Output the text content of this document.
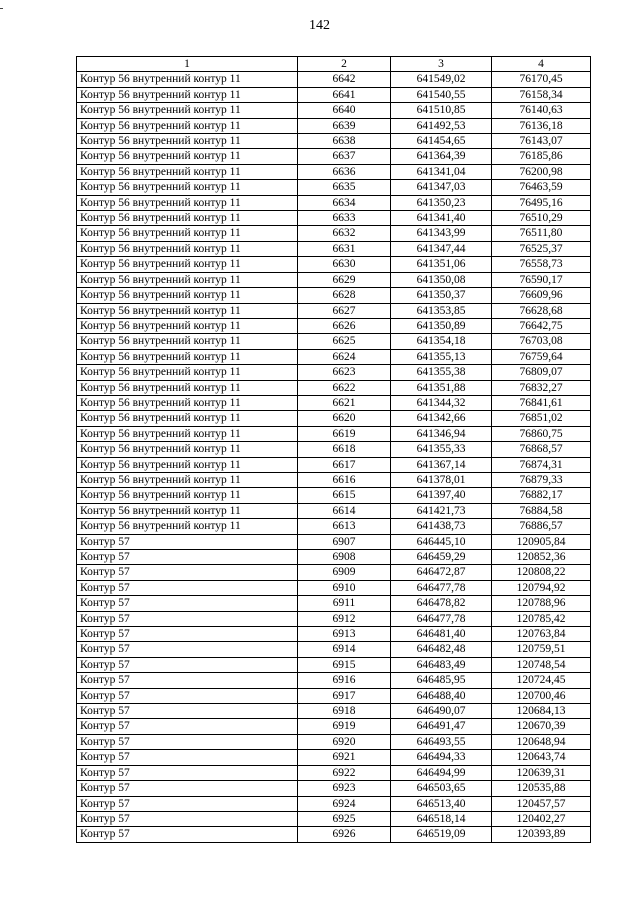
142
1	2	3	4
Контур 56 внутренний контур 11	6642	641549,02	76170,45
Контур 56 внутренний контур 11	6641	641540,55	76158,34
Контур 56 внутренний контур 11	6640	641510,85	76140,63
Контур 56 внутренний контур 11	6639	641492,53	76136,18
Контур 56 внутренний контур 11	6638	641454,65	76143,07
Контур 56 внутренний контур 11	6637	641364,39	76185,86
Контур 56 внутренний контур 11	6636	641341,04	76200,98
Контур 56 внутренний контур 11	6635	641347,03	76463,59
Контур 56 внутренний контур 11	6634	641350,23	76495,16
Контур 56 внутренний контур 11	6633	641341,40	76510,29
Контур 56 внутренний контур 11	6632	641343,99	76511,80
Контур 56 внутренний контур 11	6631	641347,44	76525,37
Контур 56 внутренний контур 11	6630	641351,06	76558,73
Контур 56 внутренний контур 11	6629	641350,08	76590,17
Контур 56 внутренний контур 11	6628	641350,37	76609,96
Контур 56 внутренний контур 11	6627	641353,85	76628,68
Контур 56 внутренний контур 11	6626	641350,89	76642,75
Контур 56 внутренний контур 11	6625	641354,18	76703,08
Контур 56 внутренний контур 11	6624	641355,13	76759,64
Контур 56 внутренний контур 11	6623	641355,38	76809,07
Контур 56 внутренний контур 11	6622	641351,88	76832,27
Контур 56 внутренний контур 11	6621	641344,32	76841,61
Контур 56 внутренний контур 11	6620	641342,66	76851,02
Контур 56 внутренний контур 11	6619	641346,94	76860,75
Контур 56 внутренний контур 11	6618	641355,33	76868,57
Контур 56 внутренний контур 11	6617	641367,14	76874,31
Контур 56 внутренний контур 11	6616	641378,01	76879,33
Контур 56 внутренний контур 11	6615	641397,40	76882,17
Контур 56 внутренний контур 11	6614	641421,73	76884,58
Контур 56 внутренний контур 11	6613	641438,73	76886,57
Контур 57	6907	646445,10	120905,84
Контур 57	6908	646459,29	120852,36
Контур 57	6909	646472,87	120808,22
Контур 57	6910	646477,78	120794,92
Контур 57	6911	646478,82	120788,96
Контур 57	6912	646477,78	120785,42
Контур 57	6913	646481,40	120763,84
Контур 57	6914	646482,48	120759,51
Контур 57	6915	646483,49	120748,54
Контур 57	6916	646485,95	120724,45
Контур 57	6917	646488,40	120700,46
Контур 57	6918	646490,07	120684,13
Контур 57	6919	646491,47	120670,39
Контур 57	6920	646493,55	120648,94
Контур 57	6921	646494,33	120643,74
Контур 57	6922	646494,99	120639,31
Контур 57	6923	646503,65	120535,88
Контур 57	6924	646513,40	120457,57
Контур 57	6925	646518,14	120402,27
Контур 57	6926	646519,09	120393,89
